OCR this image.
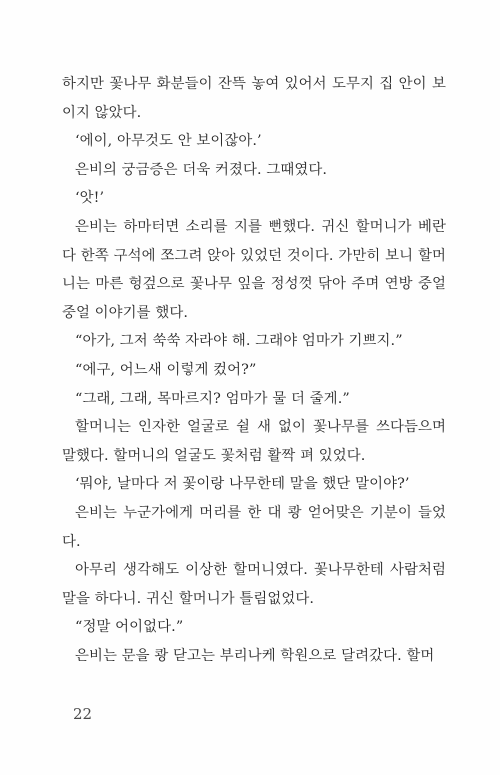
하지만 꽃나무 화분들이 잔뜩 놓여 있어서 도무지 집 안이 보이지 않았다.

‘에이, 아무것도 안 보이잖아.’

은비의 궁금증은 더욱 커졌다. 그때였다.

‘앗!’

은비는 하마터면 소리를 지를 뻔했다. 귀신 할머니가 베란다 한쪽 구석에 쪼그려 앉아 있었던 것이다. 가만히 보니 할머니는 마른 헝겊으로 꽃나무 잎을 정성껏 닦아 주며 연방 중얼중얼 이야기를 했다.

“아가, 그저 쑥쑥 자라야 해. 그래야 엄마가 기쁘지.”

“에구, 어느새 이렇게 컸어?”

“그래, 그래, 목마르지? 엄마가 물 더 줄게.”

할머니는 인자한 얼굴로 쉴 새 없이 꽃나무를 쓰다듬으며 말했다. 할머니의 얼굴도 꽃처럼 활짝 펴 있었다.

‘뭐야, 날마다 저 꽃이랑 나무한테 말을 했단 말이야?’

은비는 누군가에게 머리를 한 대 쾅 얻어맞은 기분이 들었다.

아무리 생각해도 이상한 할머니였다. 꽃나무한테 사람처럼 말을 하다니. 귀신 할머니가 틀림없었다.

“정말 어이없다.”

은비는 문을 쾅 닫고는 부리나케 학원으로 달려갔다. 할머

22
